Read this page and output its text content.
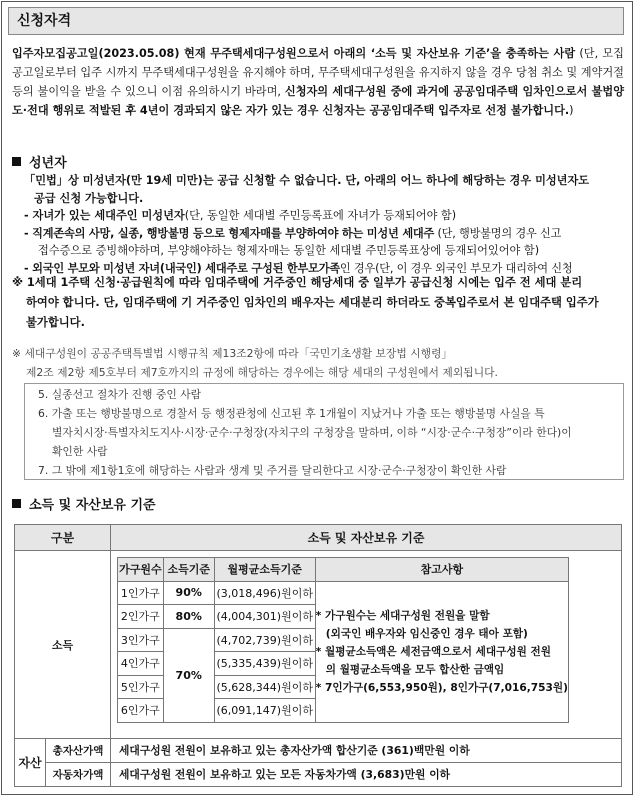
신청자격
입주자모집공고일(2023.05.08) 현재 무주택세대구성원으로서 아래의 ‘소득 및 자산보유 기준’을 충족하는 사람 (단, 모집공고일로부터 입주 시까지 무주택세대구성원을 유지해야 하며, 무주택세대구성원을 유지하지 않을 경우 당첨 취소 및 계약거절 등의 불이익을 받을 수 있으니 이점 유의하시기 바라며, 신청자의 세대구성원 중에 과거에 공공임대주택 임차인으로서 불법양도·전대 행위로 적발된 후 4년이 경과되지 않은 자가 있는 경우 신청자는 공공임대주택 입주자로 선정 불가합니다.)
성년자
「민법」상 미성년자(만 19세 미만)는 공급 신청할 수 없습니다. 단, 아래의 어느 하나에 해당하는 경우 미성년자도
공급 신청 가능합니다.
- 자녀가 있는 세대주인 미성년자(단, 동일한 세대별 주민등록표에 자녀가 등재되어야 함)
- 직계존속의 사망, 실종, 행방불명 등으로 형제자매를 부양하여야 하는 미성년 세대주 (단, 행방불명의 경우 신고
접수증으로 증빙해야하며, 부양해야하는 형제자매는 동일한 세대별 주민등록표상에 등재되어있어야 함)
- 외국인 부모와 미성년 자녀(내국인) 세대주로 구성된 한부모가족인 경우(단, 이 경우 외국인 부모가 대리하여 신청
※ 1세대 1주택 신청·공급원칙에 따라 임대주택에 거주중인 해당세대 중 일부가 공급신청 시에는 입주 전 세대 분리
하여야 합니다. 단, 임대주택에 기 거주중인 임차인의 배우자는 세대분리 하더라도 중복입주로서 본 임대주택 입주가
불가합니다.
※ 세대구성원이 공공주택특별법 시행규칙 제13조2항에 따라「국민기초생활 보장법 시행령」
제2조 제2항 제5호부터 제7호까지의 규정에 해당하는 경우에는 해당 세대의 구성원에서 제외됩니다.
5. 실종선고 절차가 진행 중인 사람
6. 가출 또는 행방불명으로 경찰서 등 행정관청에 신고된 후 1개월이 지났거나 가출 또는 행방불명 사실을 특
별자치시장·특별자치도지사·시장·군수·구청장(자치구의 구청장을 말하며, 이하 “시장·군수·구청장”이라 한다)이
확인한 사람
7. 그 밖에 제1항1호에 해당하는 사람과 생계 및 주거를 달리한다고 시장·군수·구청장이 확인한 사람
소득 및 자산보유 기준
구분	소득 및 자산보유 기준
소득	
가구원수	소득기준	월평균소득기준	참고사항
1인가구	90%	(3,018,496)원이하	
* 가구원수는 세대구성원 전원을 말함
(외국인 배우자와 임신중인 경우 태아 포함)
* 월평균소득액은 세전금액으로서 세대구성원 전원
의 월평균소득액을 모두 합산한 금액임
* 7인가구(6,553,950원), 8인가구(7,016,753원)

2인가구	80%	(4,004,301)원이하
3인가구	70%	(4,702,739)원이하
4인가구	(5,335,439)원이하
5인가구	(5,628,344)원이하
6인가구	(6,091,147)원이하

자산	총자산가액	세대구성원 전원이 보유하고 있는 총자산가액 합산기준 (361)백만원 이하
자동차가액	세대구성원 전원이 보유하고 있는 모든 자동차가액 (3,683)만원 이하
